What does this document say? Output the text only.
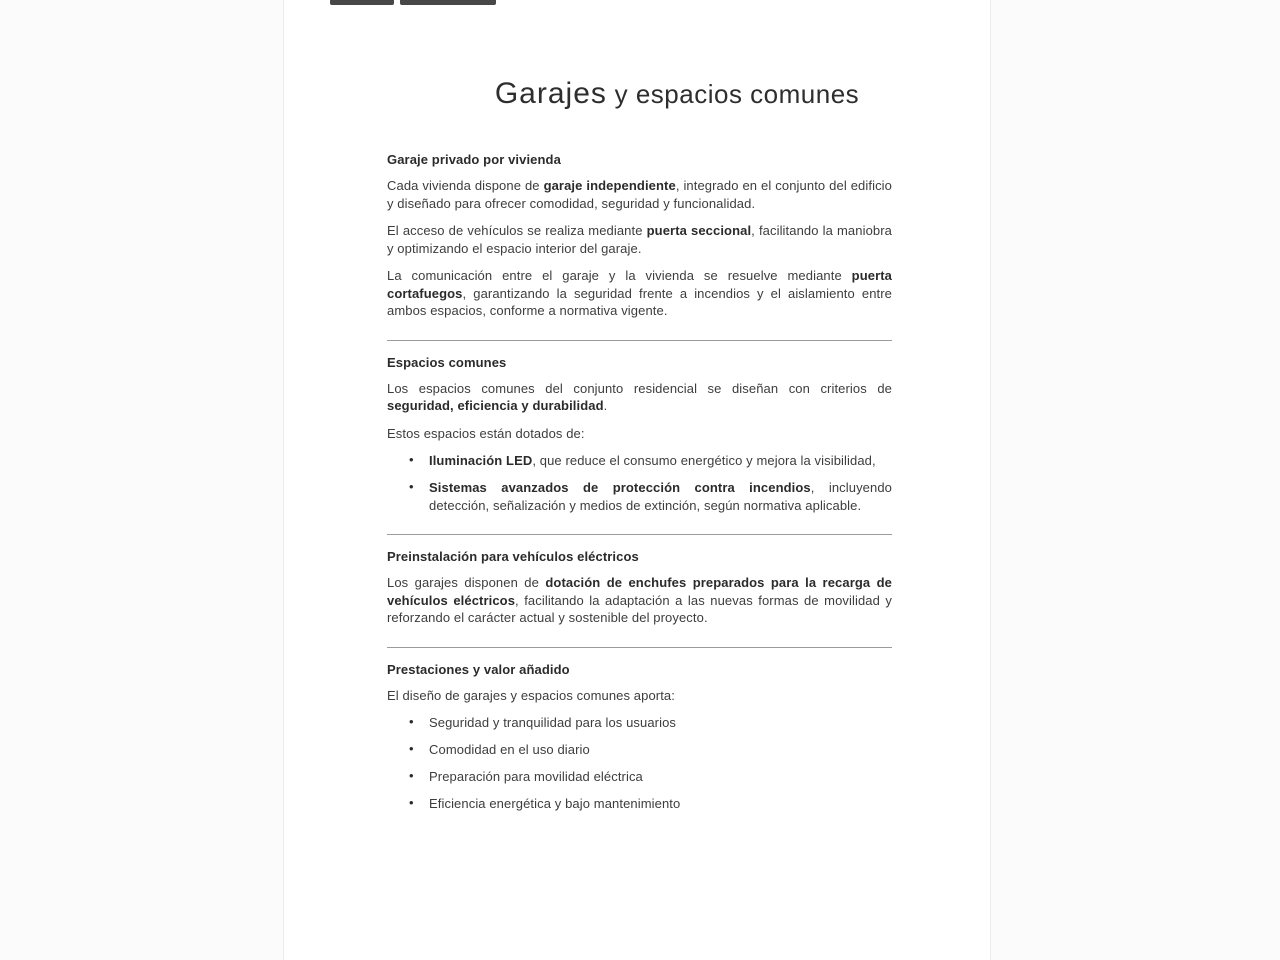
Garajes y espacios comunes
Garaje privado por vivienda

Cada vivienda dispone de garaje independiente, integrado en el conjunto del edificio y diseñado para ofrecer comodidad, seguridad y funcionalidad.

El acceso de vehículos se realiza mediante puerta seccional, facilitando la maniobra y optimizando el espacio interior del garaje.

La comunicación entre el garaje y la vivienda se resuelve mediante puerta cortafuegos, garantizando la seguridad frente a incendios y el aislamiento entre ambos espacios, conforme a normativa vigente.

Espacios comunes

Los espacios comunes del conjunto residencial se diseñan con criterios de seguridad, eficiencia y durabilidad.

Estos espacios están dotados de:

• Iluminación LED, que reduce el consumo energético y mejora la visibilidad,
• Sistemas avanzados de protección contra incendios, incluyendo detección, señalización y medios de extinción, según normativa aplicable.
Preinstalación para vehículos eléctricos

Los garajes disponen de dotación de enchufes preparados para la recarga de vehículos eléctricos, facilitando la adaptación a las nuevas formas de movilidad y reforzando el carácter actual y sostenible del proyecto.

Prestaciones y valor añadido

El diseño de garajes y espacios comunes aporta:

• Seguridad y tranquilidad para los usuarios
• Comodidad en el uso diario
• Preparación para movilidad eléctrica
• Eficiencia energética y bajo mantenimiento
